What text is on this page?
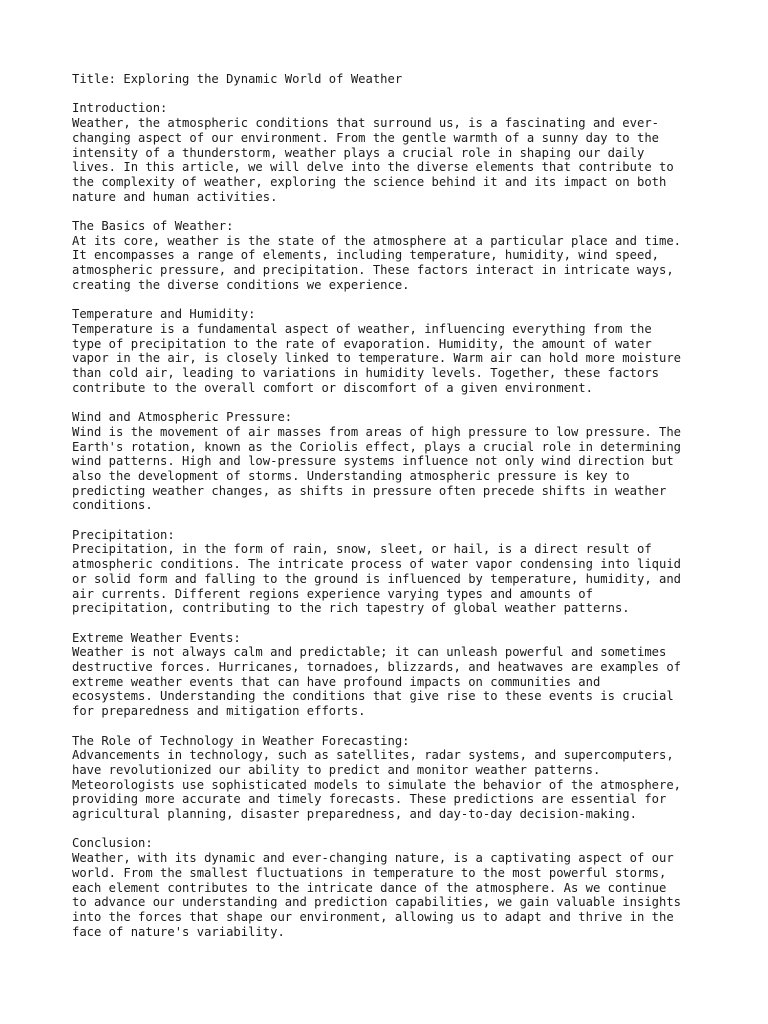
Title: Exploring the Dynamic World of Weather
Introduction:
Weather, the atmospheric conditions that surround us, is a fascinating and ever-
changing aspect of our environment. From the gentle warmth of a sunny day to the
intensity of a thunderstorm, weather plays a crucial role in shaping our daily
lives. In this article, we will delve into the diverse elements that contribute to
the complexity of weather, exploring the science behind it and its impact on both
nature and human activities.
The Basics of Weather:
At its core, weather is the state of the atmosphere at a particular place and time.
It encompasses a range of elements, including temperature, humidity, wind speed,
atmospheric pressure, and precipitation. These factors interact in intricate ways,
creating the diverse conditions we experience.
Temperature and Humidity:
Temperature is a fundamental aspect of weather, influencing everything from the
type of precipitation to the rate of evaporation. Humidity, the amount of water
vapor in the air, is closely linked to temperature. Warm air can hold more moisture
than cold air, leading to variations in humidity levels. Together, these factors
contribute to the overall comfort or discomfort of a given environment.
Wind and Atmospheric Pressure:
Wind is the movement of air masses from areas of high pressure to low pressure. The
Earth's rotation, known as the Coriolis effect, plays a crucial role in determining
wind patterns. High and low-pressure systems influence not only wind direction but
also the development of storms. Understanding atmospheric pressure is key to
predicting weather changes, as shifts in pressure often precede shifts in weather
conditions.
Precipitation:
Precipitation, in the form of rain, snow, sleet, or hail, is a direct result of
atmospheric conditions. The intricate process of water vapor condensing into liquid
or solid form and falling to the ground is influenced by temperature, humidity, and
air currents. Different regions experience varying types and amounts of
precipitation, contributing to the rich tapestry of global weather patterns.
Extreme Weather Events:
Weather is not always calm and predictable; it can unleash powerful and sometimes
destructive forces. Hurricanes, tornadoes, blizzards, and heatwaves are examples of
extreme weather events that can have profound impacts on communities and
ecosystems. Understanding the conditions that give rise to these events is crucial
for preparedness and mitigation efforts.
The Role of Technology in Weather Forecasting:
Advancements in technology, such as satellites, radar systems, and supercomputers,
have revolutionized our ability to predict and monitor weather patterns.
Meteorologists use sophisticated models to simulate the behavior of the atmosphere,
providing more accurate and timely forecasts. These predictions are essential for
agricultural planning, disaster preparedness, and day-to-day decision-making.
Conclusion:
Weather, with its dynamic and ever-changing nature, is a captivating aspect of our
world. From the smallest fluctuations in temperature to the most powerful storms,
each element contributes to the intricate dance of the atmosphere. As we continue
to advance our understanding and prediction capabilities, we gain valuable insights
into the forces that shape our environment, allowing us to adapt and thrive in the
face of nature's variability.
